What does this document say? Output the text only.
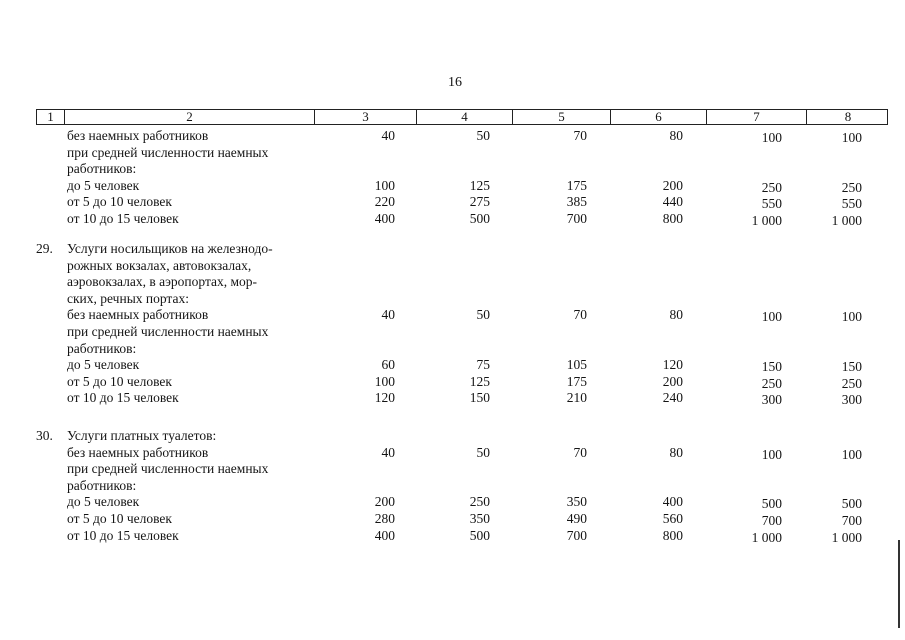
16
1	2	3	4	5	6	7	8
без наемных работников	40	50	70	80	100	100
при средней численности наемных
работников:
до 5 человек	100	125	175	200	250	250
от 5 до 10 человек	220	275	385	440	550	550
от 10 до 15 человек	400	500	700	800	1 000	1 000
29. Услуги носильщиков на железнодо-
рожных вокзалах, автовокзалах,
аэровокзалах, в аэропортах, мор-
ских, речных портах:
без наемных работников	40	50	70	80	100	100
при средней численности наемных
работников:
до 5 человек	60	75	105	120	150	150
от 5 до 10 человек	100	125	175	200	250	250
от 10 до 15 человек	120	150	210	240	300	300
30. Услуги платных туалетов:
без наемных работников	40	50	70	80	100	100
при средней численности наемных
работников:
до 5 человек	200	250	350	400	500	500
от 5 до 10 человек	280	350	490	560	700	700
от 10 до 15 человек	400	500	700	800	1 000	1 000
